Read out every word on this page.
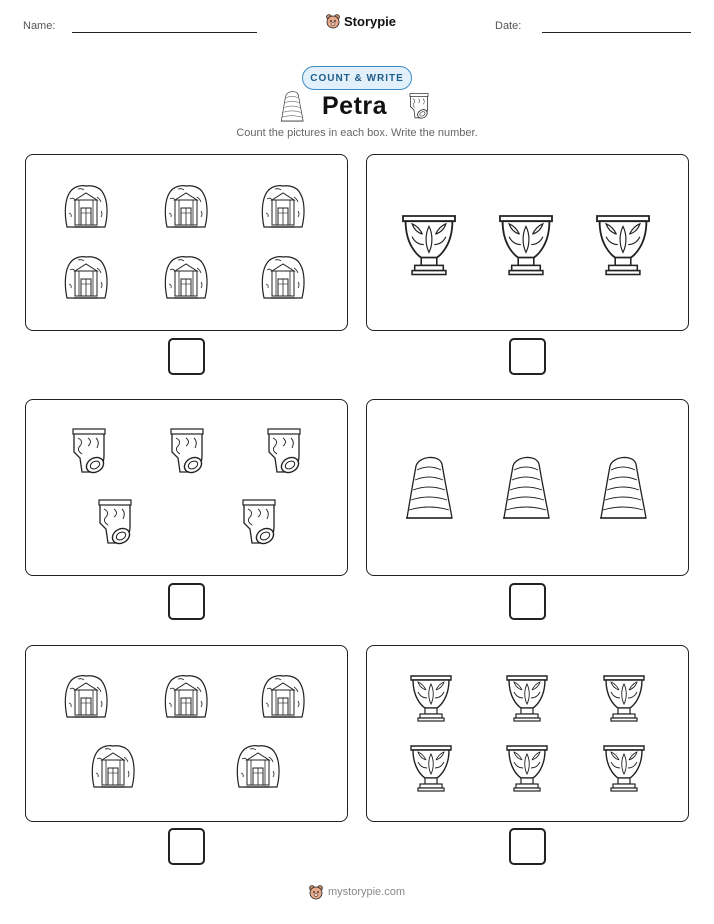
Name:	Storypie	Date:
COUNT & WRITE
Petra
Count the pictures in each box. Write the number.
mystorypie.com
